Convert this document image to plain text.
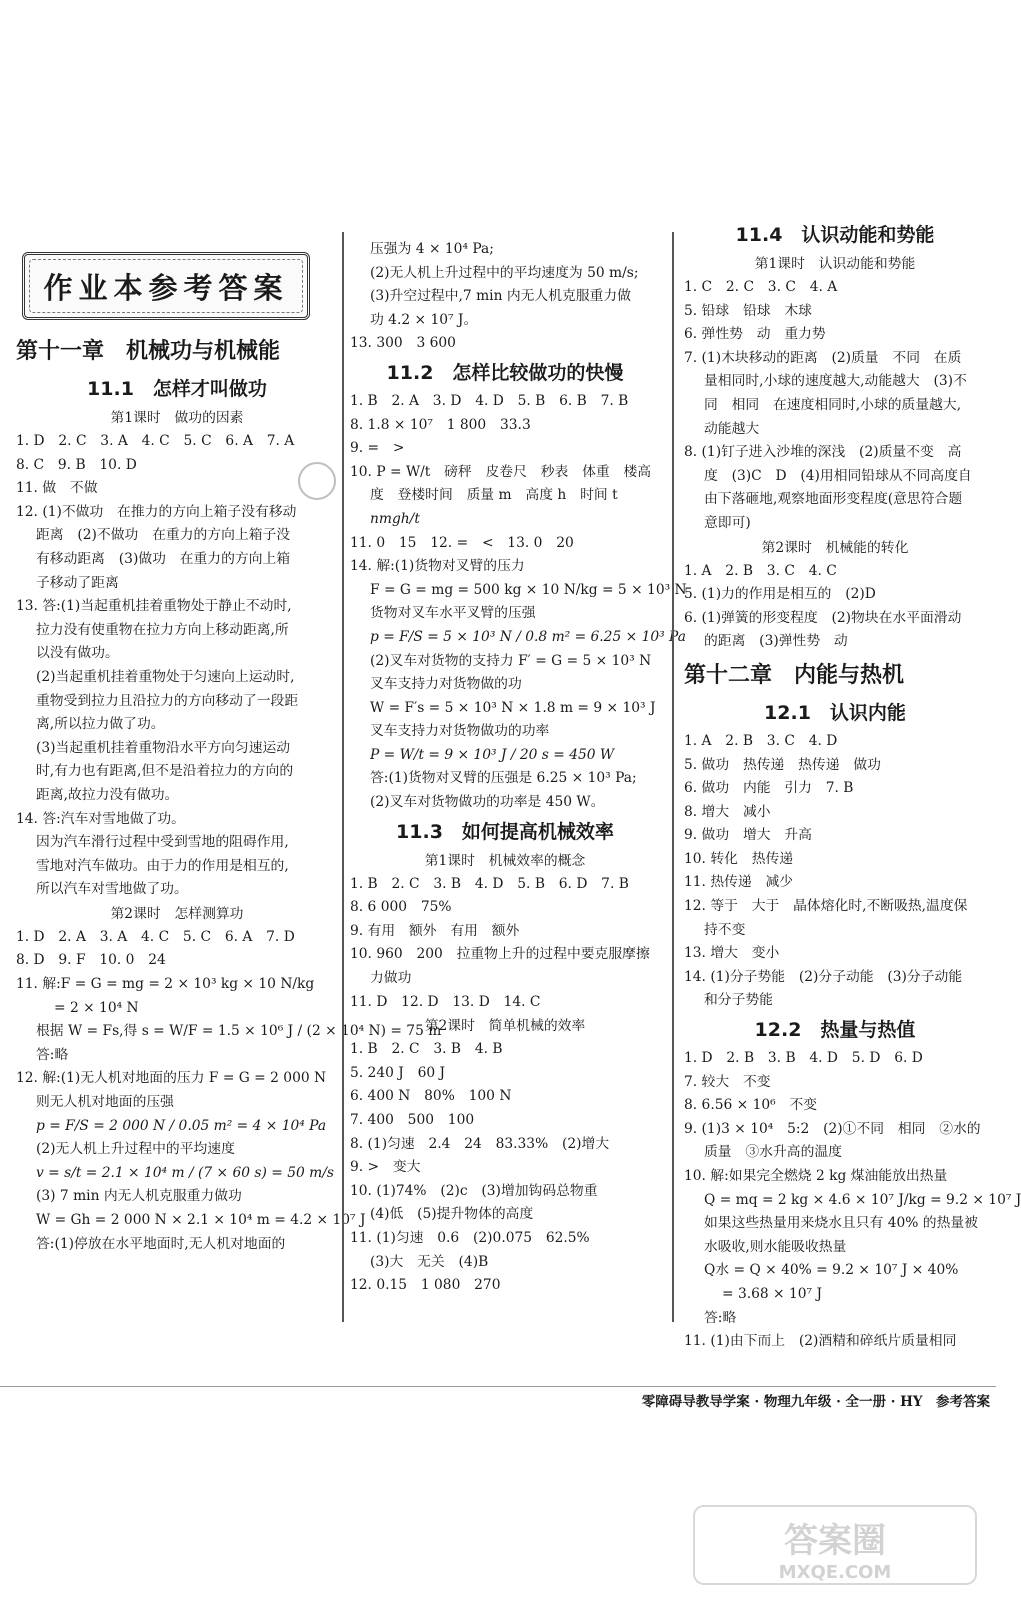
作业本参考答案
第十一章　机械功与机械能
11.1　怎样才叫做功
第1课时　做功的因素
1. D　2. C　3. A　4. C　5. C　6. A　7. A
8. C　9. B　10. D
11. 做　不做
12. (1)不做功　在推力的方向上箱子没有移动
距离　(2)不做功　在重力的方向上箱子没
有移动距离　(3)做功　在重力的方向上箱
子移动了距离
13. 答:(1)当起重机挂着重物处于静止不动时,
拉力没有使重物在拉力方向上移动距离,所
以没有做功。
(2)当起重机挂着重物处于匀速向上运动时,
重物受到拉力且沿拉力的方向移动了一段距
离,所以拉力做了功。
(3)当起重机挂着重物沿水平方向匀速运动
时,有力也有距离,但不是沿着拉力的方向的
距离,故拉力没有做功。
14. 答:汽车对雪地做了功。
因为汽车滑行过程中受到雪地的阻碍作用,
雪地对汽车做功。由于力的作用是相互的,
所以汽车对雪地做了功。
第2课时　怎样测算功
1. D　2. A　3. A　4. C　5. C　6. A　7. D
8. D　9. F　10. 0　24
11. 解:F = G = mg = 2 × 10³ kg × 10 N/kg
= 2 × 10⁴ N
根据 W = Fs,得 s = W/F = 1.5 × 10⁶ J / (2 × 10⁴ N) = 75 m
答:略
12. 解:(1)无人机对地面的压力 F = G = 2 000 N
则无人机对地面的压强
p = F/S = 2 000 N / 0.05 m² = 4 × 10⁴ Pa
(2)无人机上升过程中的平均速度
v = s/t = 2.1 × 10⁴ m / (7 × 60 s) = 50 m/s
(3) 7 min 内无人机克服重力做功
W = Gh = 2 000 N × 2.1 × 10⁴ m = 4.2 × 10⁷ J
答:(1)停放在水平地面时,无人机对地面的
压强为 4 × 10⁴ Pa;
(2)无人机上升过程中的平均速度为 50 m/s;
(3)升空过程中,7 min 内无人机克服重力做
功 4.2 × 10⁷ J。
13. 300　3 600
11.2　怎样比较做功的快慢
1. B　2. A　3. D　4. D　5. B　6. B　7. B
8. 1.8 × 10⁷　1 800　33.3
9. =　>
10. P = W/t　磅秤　皮卷尺　秒表　体重　楼高
度　登楼时间　质量 m　高度 h　时间 t
nmgh/t
11. 0　15　12. =　<　13. 0　20
14. 解:(1)货物对叉臂的压力
F = G = mg = 500 kg × 10 N/kg = 5 × 10³ N
货物对叉车水平叉臂的压强
p = F/S = 5 × 10³ N / 0.8 m² = 6.25 × 10³ Pa
(2)叉车对货物的支持力 F′ = G = 5 × 10³ N
叉车支持力对货物做的功
W = F′s = 5 × 10³ N × 1.8 m = 9 × 10³ J
叉车支持力对货物做功的功率
P = W/t = 9 × 10³ J / 20 s = 450 W
答:(1)货物对叉臂的压强是 6.25 × 10³ Pa;
(2)叉车对货物做功的功率是 450 W。
11.3　如何提高机械效率
第1课时　机械效率的概念
1. B　2. C　3. B　4. D　5. B　6. D　7. B
8. 6 000　75%
9. 有用　额外　有用　额外
10. 960　200　拉重物上升的过程中要克服摩擦
力做功
11. D　12. D　13. D　14. C
第2课时　简单机械的效率
1. B　2. C　3. B　4. B
5. 240 J　60 J
6. 400 N　80%　100 N
7. 400　500　100
8. (1)匀速　2.4　24　83.33%　(2)增大
9. >　变大
10. (1)74%　(2)c　(3)增加钩码总物重
(4)低　(5)提升物体的高度
11. (1)匀速　0.6　(2)0.075　62.5%
(3)大　无关　(4)B
12. 0.15　1 080　270
11.4　认识动能和势能
第1课时　认识动能和势能
1. C　2. C　3. C　4. A
5. 铅球　铅球　木球
6. 弹性势　动　重力势
7. (1)木块移动的距离　(2)质量　不同　在质
量相同时,小球的速度越大,动能越大　(3)不
同　相同　在速度相同时,小球的质量越大,
动能越大
8. (1)钉子进入沙堆的深浅　(2)质量不变　高
度　(3)C　D　(4)用相同铅球从不同高度自
由下落砸地,观察地面形变程度(意思符合题
意即可)
第2课时　机械能的转化
1. A　2. B　3. C　4. C
5. (1)力的作用是相互的　(2)D
6. (1)弹簧的形变程度　(2)物块在水平面滑动
的距离　(3)弹性势　动
第十二章　内能与热机
12.1　认识内能
1. A　2. B　3. C　4. D
5. 做功　热传递　热传递　做功
6. 做功　内能　引力　7. B
8. 增大　减小
9. 做功　增大　升高
10. 转化　热传递
11. 热传递　减少
12. 等于　大于　晶体熔化时,不断吸热,温度保
持不变
13. 增大　变小
14. (1)分子势能　(2)分子动能　(3)分子动能
和分子势能
12.2　热量与热值
1. D　2. B　3. B　4. D　5. D　6. D
7. 较大　不变
8. 6.56 × 10⁶　不变
9. (1)3 × 10⁴　5:2　(2)①不同　相同　②水的
质量　③水升高的温度
10. 解:如果完全燃烧 2 kg 煤油能放出热量
Q = mq = 2 kg × 4.6 × 10⁷ J/kg = 9.2 × 10⁷ J
如果这些热量用来烧水且只有 40% 的热量被
水吸收,则水能吸收热量
Q水 = Q × 40% = 9.2 × 10⁷ J × 40%
= 3.68 × 10⁷ J
答:略
11. (1)由下而上　(2)酒精和碎纸片质量相同
零障碍导教导学案 · 物理九年级 · 全一册 · HY　参考答案
答案圈
MXQE.COM
